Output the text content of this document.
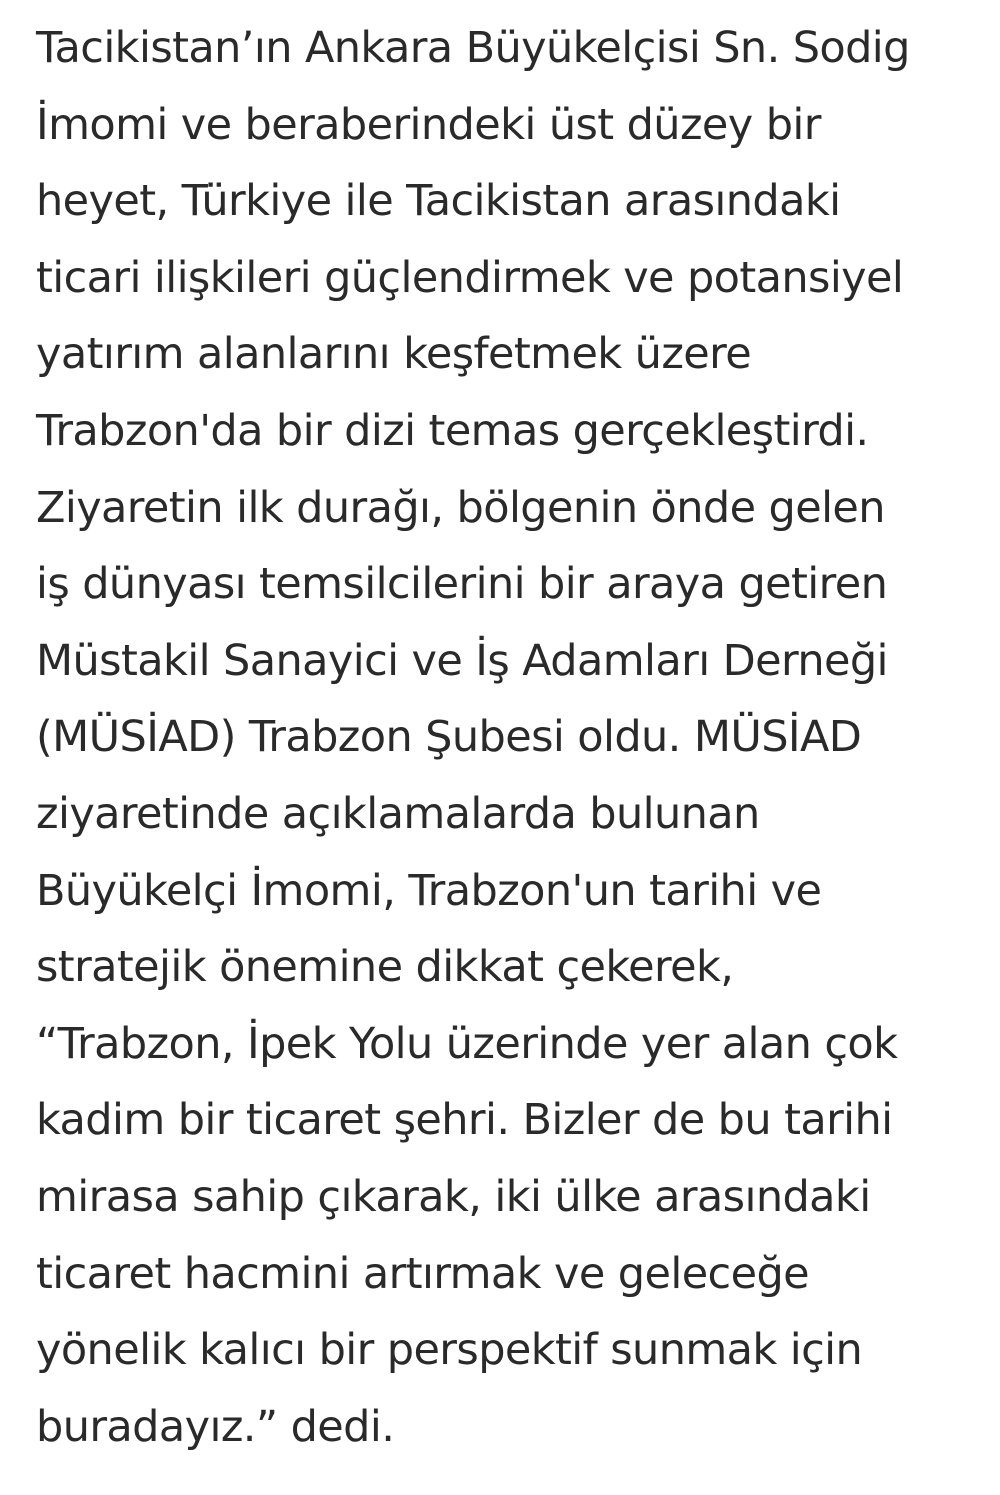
Tacikistan’ın Ankara Büyükelçisi Sn. Sodig
İmomi ve beraberindeki üst düzey bir
heyet, Türkiye ile Tacikistan arasındaki
ticari ilişkileri güçlendirmek ve potansiyel
yatırım alanlarını keşfetmek üzere
Trabzon'da bir dizi temas gerçekleştirdi.
Ziyaretin ilk durağı, bölgenin önde gelen
iş dünyası temsilcilerini bir araya getiren
Müstakil Sanayici ve İş Adamları Derneği
(MÜSİAD) Trabzon Şubesi oldu. MÜSİAD
ziyaretinde açıklamalarda bulunan
Büyükelçi İmomi, Trabzon'un tarihi ve
stratejik önemine dikkat çekerek,
“Trabzon, İpek Yolu üzerinde yer alan çok
kadim bir ticaret şehri. Bizler de bu tarihi
mirasa sahip çıkarak, iki ülke arasındaki
ticaret hacmini artırmak ve geleceğe
yönelik kalıcı bir perspektif sunmak için
buradayız.” dedi.
